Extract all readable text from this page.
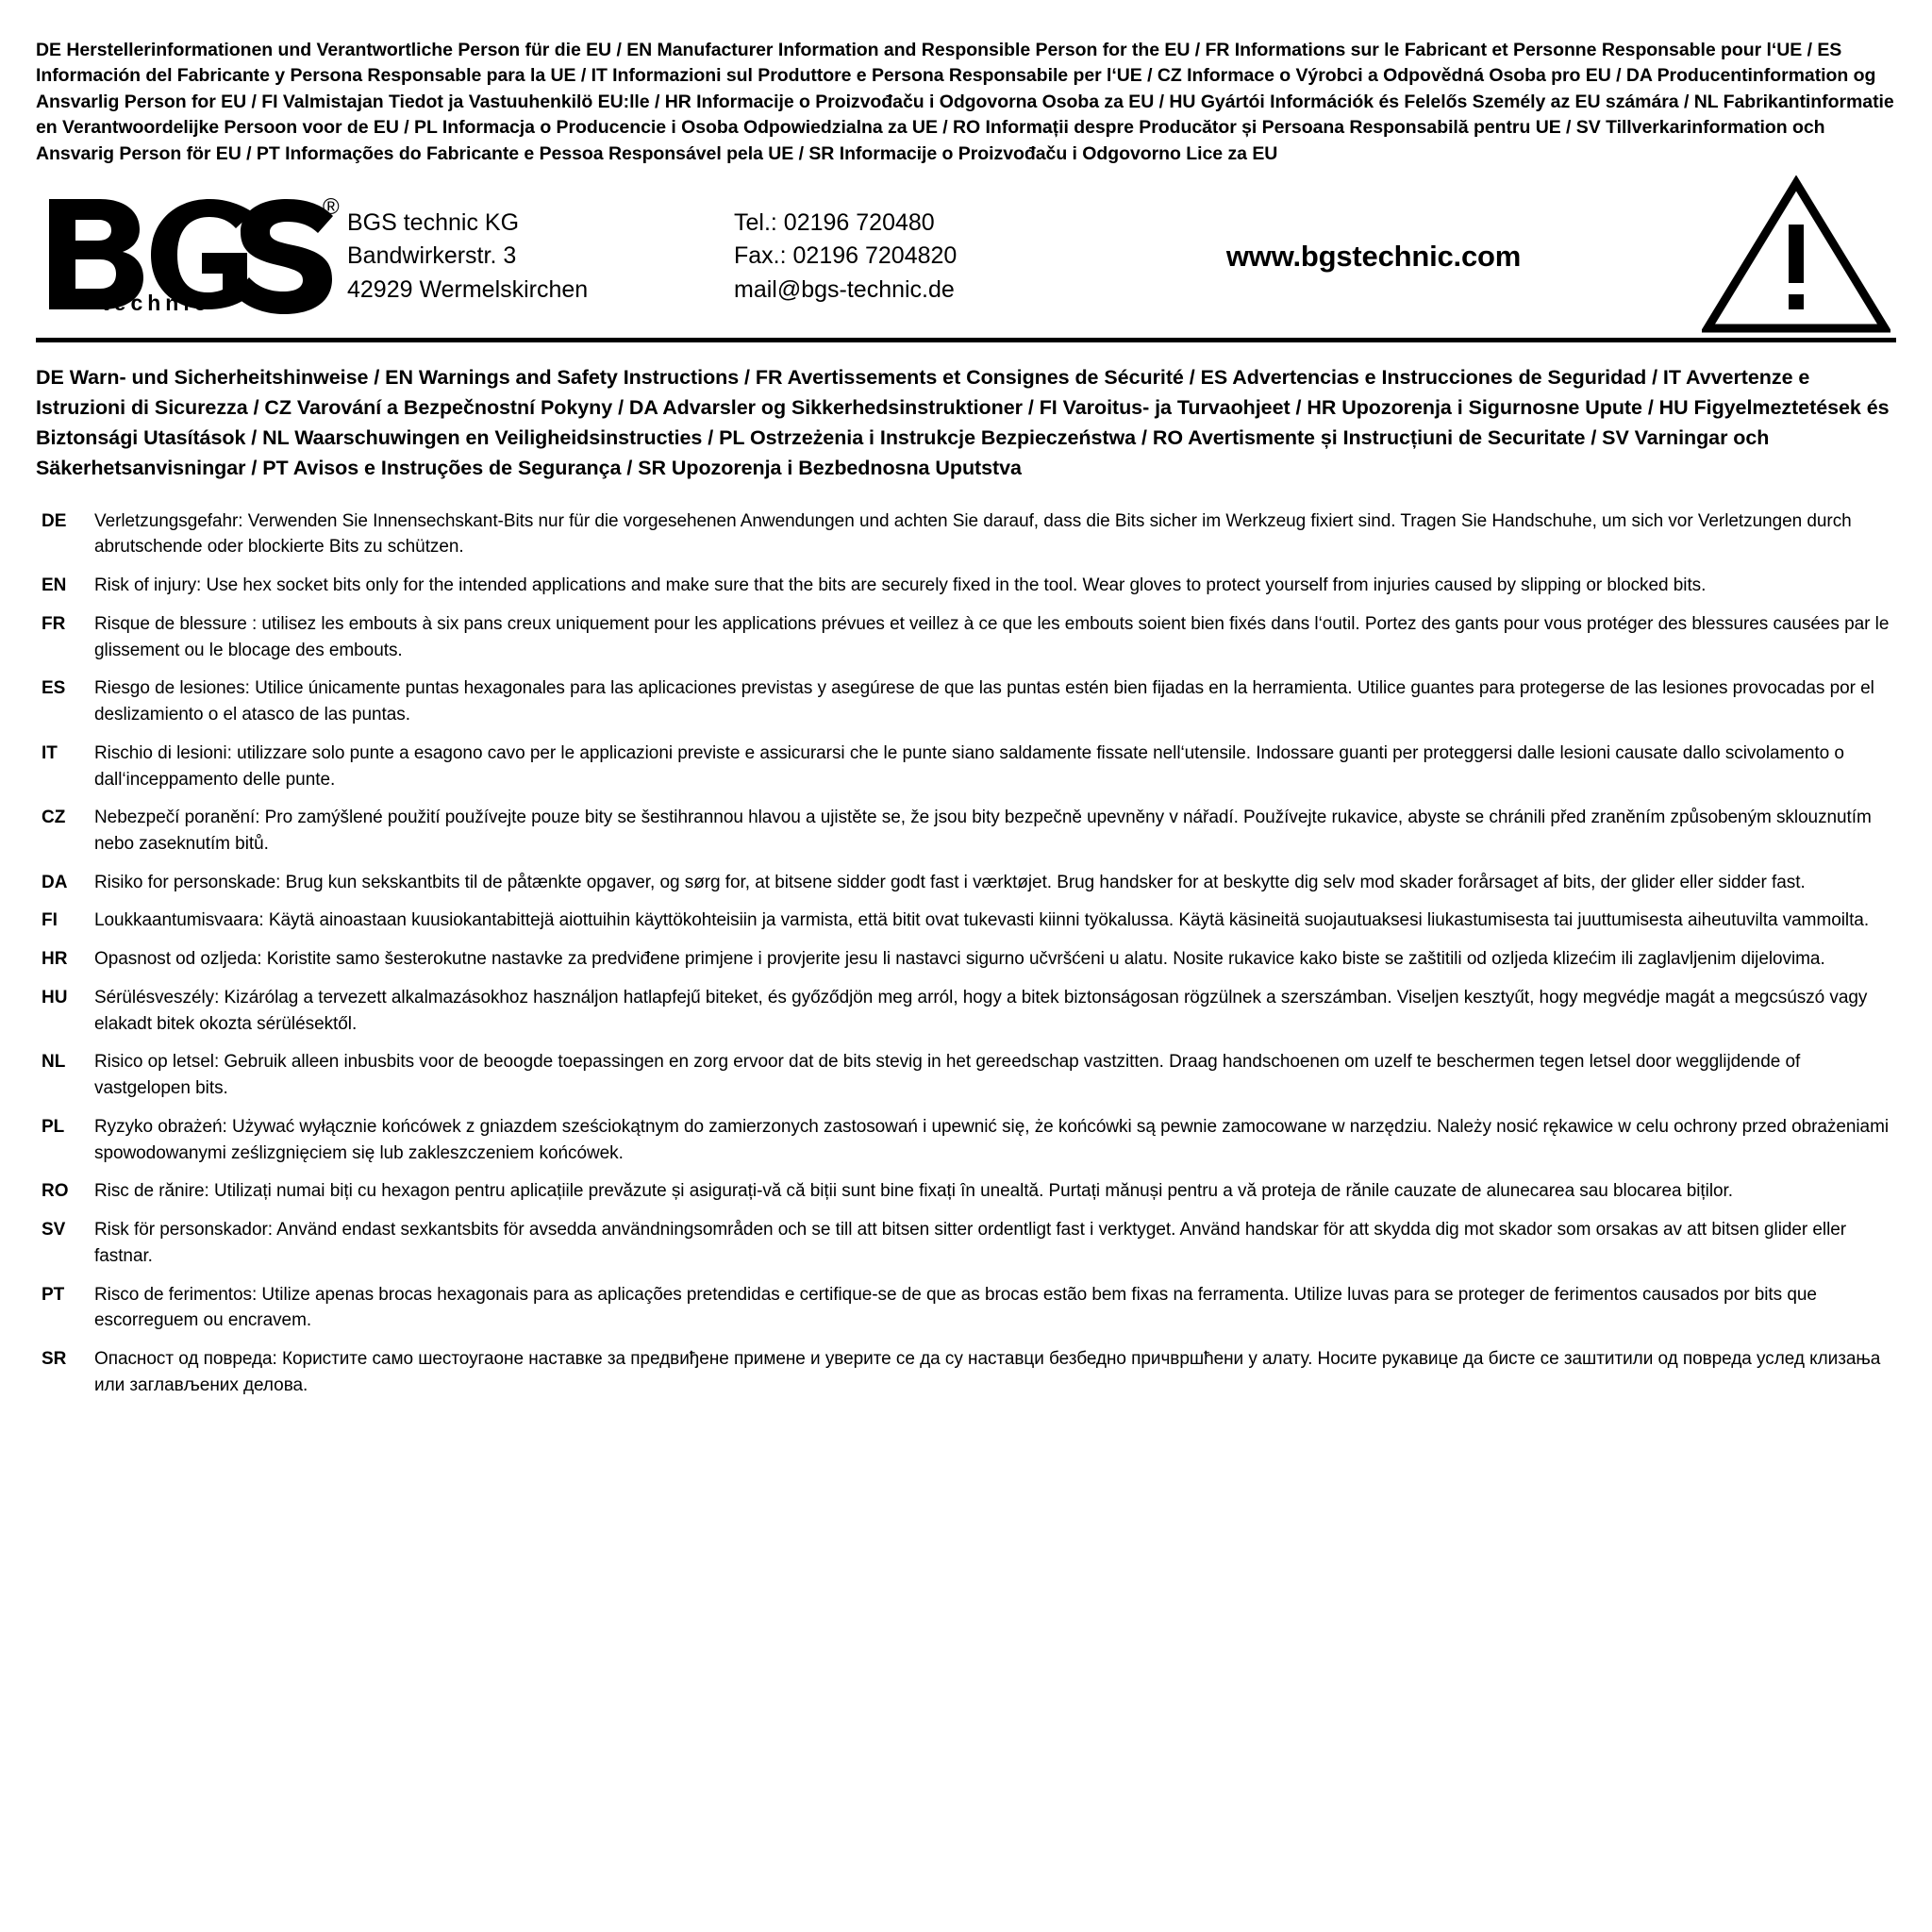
DE Herstellerinformationen und Verantwortliche Person für die EU / EN Manufacturer Information and Responsible Person for the EU / FR Informations sur le Fabricant et Personne Responsable pour l‘UE / ES Información del Fabricante y Persona Responsable para la UE / IT Informazioni sul Produttore e Persona Responsabile per l‘UE / CZ Informace o Výrobci a Odpovědná Osoba pro EU / DA Producentinformation og Ansvarlig Person for EU / FI Valmistajan Tiedot ja Vastuuhenkilö EU:lle / HR Informacije o Proizvođaču i Odgovorna Osoba za EU / HU Gyártói Információk és Felelős Személy az EU számára / NL Fabrikantinformatie en Verantwoordelijke Persoon voor de EU / PL Informacja o Producencie i Osoba Odpowiedzialna za UE / RO Informații despre Producător și Persoana Responsabilă pentru UE / SV Tillverkarinformation och Ansvarig Person för EU / PT Informações do Fabricante e Pessoa Responsável pela UE / SR Informacije o Proizvođaču i Odgovorno Lice za EU
®
technic
BGS technic KG
Bandwirkerstr. 3
42929 Wermelskirchen
Tel.: 02196 720480
Fax.: 02196 7204820
mail@bgs-technic.de
www.bgstechnic.com
DE Warn- und Sicherheitshinweise / EN Warnings and Safety Instructions / FR Avertissements et Consignes de Sécurité / ES Advertencias e Instrucciones de Seguridad / IT Avvertenze e Istruzioni di Sicurezza / CZ Varování a Bezpečnostní Pokyny / DA Advarsler og Sikkerhedsinstruktioner / FI Varoitus- ja Turvaohjeet / HR Upozorenja i Sigurnosne Upute / HU Figyelmeztetések és Biztonsági Utasítások / NL Waarschuwingen en Veiligheidsinstructies / PL Ostrzeżenia i Instrukcje Bezpieczeństwa / RO Avertismente și Instrucțiuni de Securitate / SV Varningar och Säkerhetsanvisningar / PT Avisos e Instruções de Segurança / SR Upozorenja i Bezbednosna Uputstva
DE	Verletzungsgefahr: Verwenden Sie Innensechskant-Bits nur für die vorgesehenen Anwendungen und achten Sie darauf, dass die Bits sicher im Werkzeug fixiert sind. Tragen Sie Handschuhe, um sich vor Verletzungen durch abrutschende oder blockierte Bits zu schützen.
EN	Risk of injury: Use hex socket bits only for the intended applications and make sure that the bits are securely fixed in the tool. Wear gloves to protect yourself from injuries caused by slipping or blocked bits.
FR	Risque de blessure : utilisez les embouts à six pans creux uniquement pour les applications prévues et veillez à ce que les embouts soient bien fixés dans l‘outil. Portez des gants pour vous protéger des blessures causées par le glissement ou le blocage des embouts.
ES	Riesgo de lesiones: Utilice únicamente puntas hexagonales para las aplicaciones previstas y asegúrese de que las puntas estén bien fijadas en la herramienta. Utilice guantes para protegerse de las lesiones provocadas por el deslizamiento o el atasco de las puntas.
IT	Rischio di lesioni: utilizzare solo punte a esagono cavo per le applicazioni previste e assicurarsi che le punte siano saldamente fissate nell‘utensile. Indossare guanti per proteggersi dalle lesioni causate dallo scivolamento o dall‘inceppamento delle punte.
CZ	Nebezpečí poranění: Pro zamýšlené použití používejte pouze bity se šestihrannou hlavou a ujistěte se, že jsou bity bezpečně upevněny v nářadí. Používejte rukavice, abyste se chránili před zraněním způsobeným sklouznutím nebo zaseknutím bitů.
DA	Risiko for personskade: Brug kun sekskantbits til de påtænkte opgaver, og sørg for, at bitsene sidder godt fast i værktøjet. Brug handsker for at beskytte dig selv mod skader forårsaget af bits, der glider eller sidder fast.
FI	Loukkaantumisvaara: Käytä ainoastaan kuusiokantabittejä aiottuihin käyttökohteisiin ja varmista, että bitit ovat tukevasti kiinni työkalussa. Käytä käsineitä suojautuaksesi liukastumisesta tai juuttumisesta aiheutuvilta vammoilta.
HR	Opasnost od ozljeda: Koristite samo šesterokutne nastavke za predviđene primjene i provjerite jesu li nastavci sigurno učvršćeni u alatu. Nosite rukavice kako biste se zaštitili od ozljeda klizećim ili zaglavljenim dijelovima.
HU	Sérülésveszély: Kizárólag a tervezett alkalmazásokhoz használjon hatlapfejű biteket, és győződjön meg arról, hogy a bitek biztonságosan rögzülnek a szerszámban. Viseljen kesztyűt, hogy megvédje magát a megcsúszó vagy elakadt bitek okozta sérülésektől.
NL	Risico op letsel: Gebruik alleen inbusbits voor de beoogde toepassingen en zorg ervoor dat de bits stevig in het gereedschap vastzitten. Draag handschoenen om uzelf te beschermen tegen letsel door wegglijdende of vastgelopen bits.
PL	Ryzyko obrażeń: Używać wyłącznie końcówek z gniazdem sześciokątnym do zamierzonych zastosowań i upewnić się, że końcówki są pewnie zamocowane w narzędziu. Należy nosić rękawice w celu ochrony przed obrażeniami spowodowanymi ześlizgnięciem się lub zakleszczeniem końcówek.
RO	Risc de rănire: Utilizați numai biți cu hexagon pentru aplicațiile prevăzute și asigurați-vă că biții sunt bine fixați în unealtă. Purtați mănuși pentru a vă proteja de rănile cauzate de alunecarea sau blocarea biților.
SV	Risk för personskador: Använd endast sexkantsbits för avsedda användningsområden och se till att bitsen sitter ordentligt fast i verktyget. Använd handskar för att skydda dig mot skador som orsakas av att bitsen glider eller fastnar.
PT	Risco de ferimentos: Utilize apenas brocas hexagonais para as aplicações pretendidas e certifique-se de que as brocas estão bem fixas na ferramenta. Utilize luvas para se proteger de ferimentos causados por bits que escorreguem ou encravem.
SR	Опасност од повреда: Користите само шестоугаоне наставке за предвиђене примене и уверите се да су наставци безбедно причвршћени у алату. Носите рукавице да бисте се заштитили од повреда услед клизања или заглављених делова.
